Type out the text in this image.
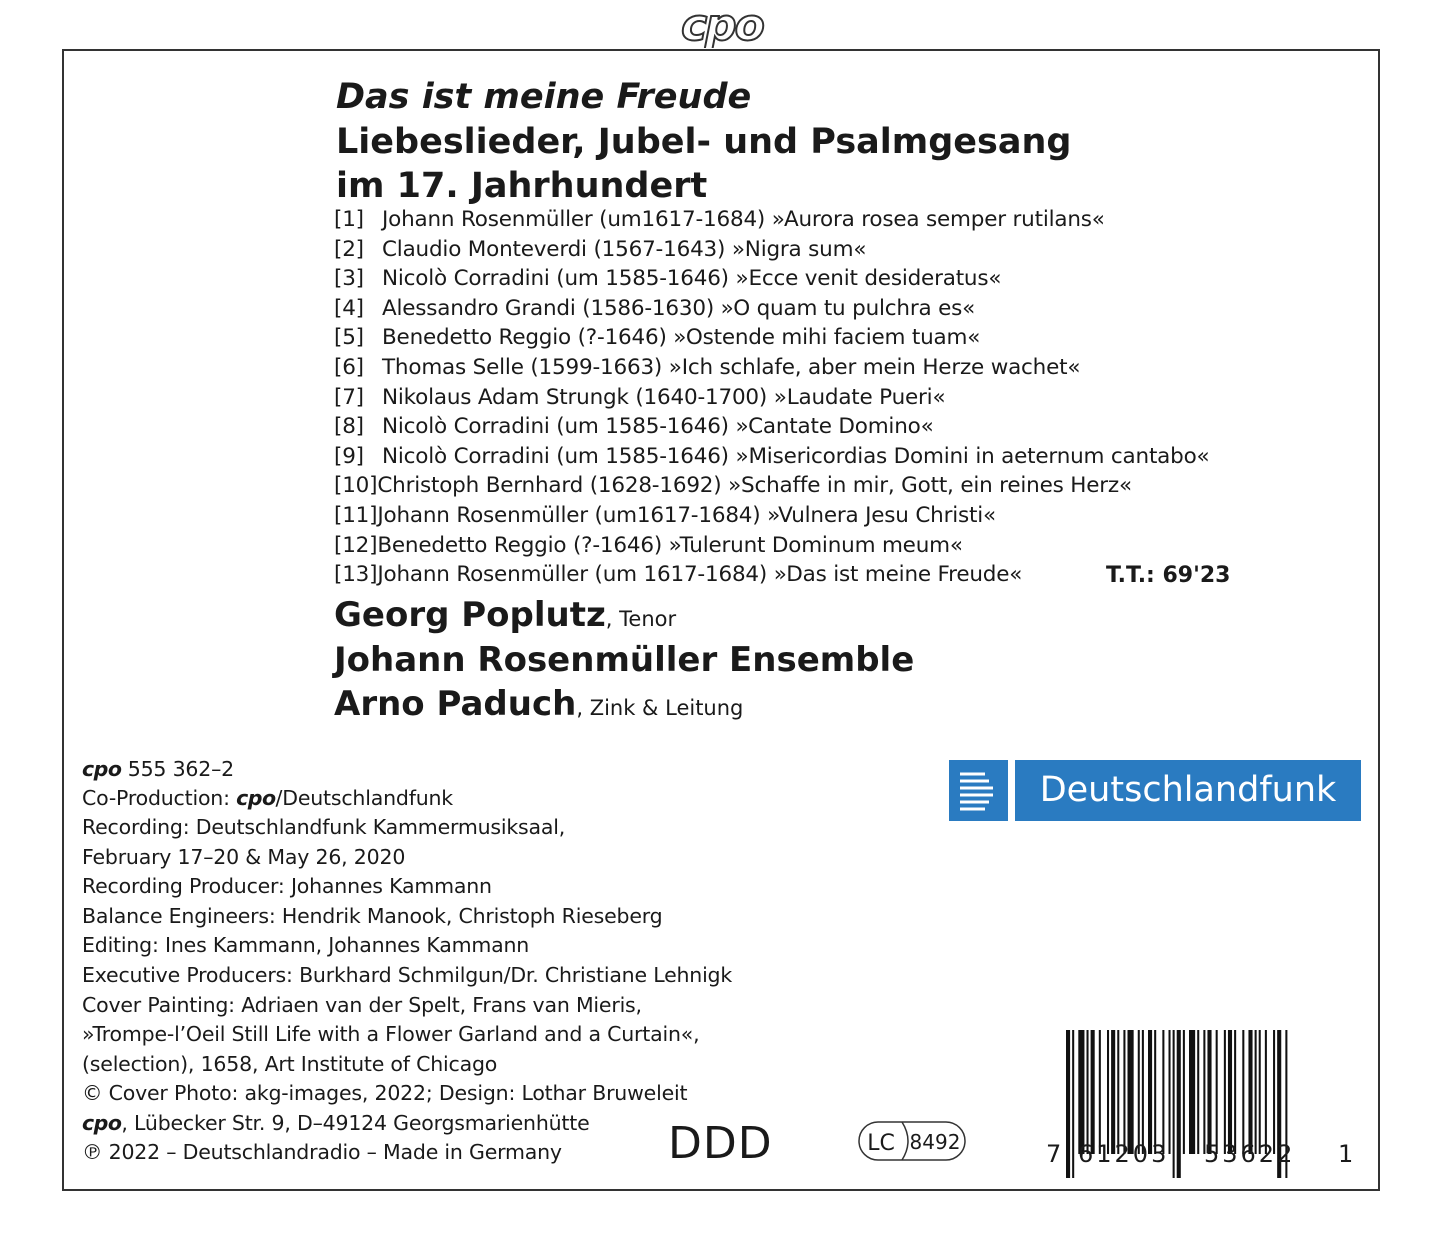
cpo
Das ist meine Freude
Liebeslieder, Jubel- und Psalmgesang
im 17. Jahrhundert
[1] Johann Rosenmüller (um1617-1684) »Aurora rosea semper rutilans«
[2] Claudio Monteverdi (1567-1643) »Nigra sum«
[3] Nicolò Corradini (um 1585-1646) »Ecce venit desideratus«
[4] Alessandro Grandi (1586-1630) »O quam tu pulchra es«
[5] Benedetto Reggio (?-1646) »Ostende mihi faciem tuam«
[6] Thomas Selle (1599-1663) »Ich schlafe, aber mein Herze wachet«
[7] Nikolaus Adam Strungk (1640-1700) »Laudate Pueri«
[8] Nicolò Corradini (um 1585-1646) »Cantate Domino«
[9] Nicolò Corradini (um 1585-1646) »Misericordias Domini in aeternum cantabo«
[10]Christoph Bernhard (1628-1692) »Schaffe in mir, Gott, ein reines Herz«
[11]Johann Rosenmüller (um1617-1684) »Vulnera Jesu Christi«
[12]Benedetto Reggio (?-1646) »Tulerunt Dominum meum«
[13]Johann Rosenmüller (um 1617-1684) »Das ist meine Freude«	T.T.: 69'23
Georg Poplutz, Tenor
Johann Rosenmüller Ensemble
Arno Paduch, Zink & Leitung
cpo 555 362–2
Co-Production: cpo/Deutschlandfunk
Recording: Deutschlandfunk Kammermusiksaal,
February 17–20 & May 26, 2020
Recording Producer: Johannes Kammann
Balance Engineers: Hendrik Manook, Christoph Rieseberg
Editing: Ines Kammann, Johannes Kammann
Executive Producers: Burkhard Schmilgun/Dr. Christiane Lehnigk
Cover Painting: Adriaen van der Spelt, Frans van Mieris,
»Trompe-l’Oeil Still Life with a Flower Garland and a Curtain«,
(selection), 1658, Art Institute of Chicago
© Cover Photo: akg-images, 2022; Design: Lothar Bruweleit
cpo, Lübecker Str. 9, D–49124 Georgsmarienhütte
℗ 2022 – Deutschlandradio – Made in Germany
Deutschlandfunk
DDD	LC 8492	7 61203 53622 1
